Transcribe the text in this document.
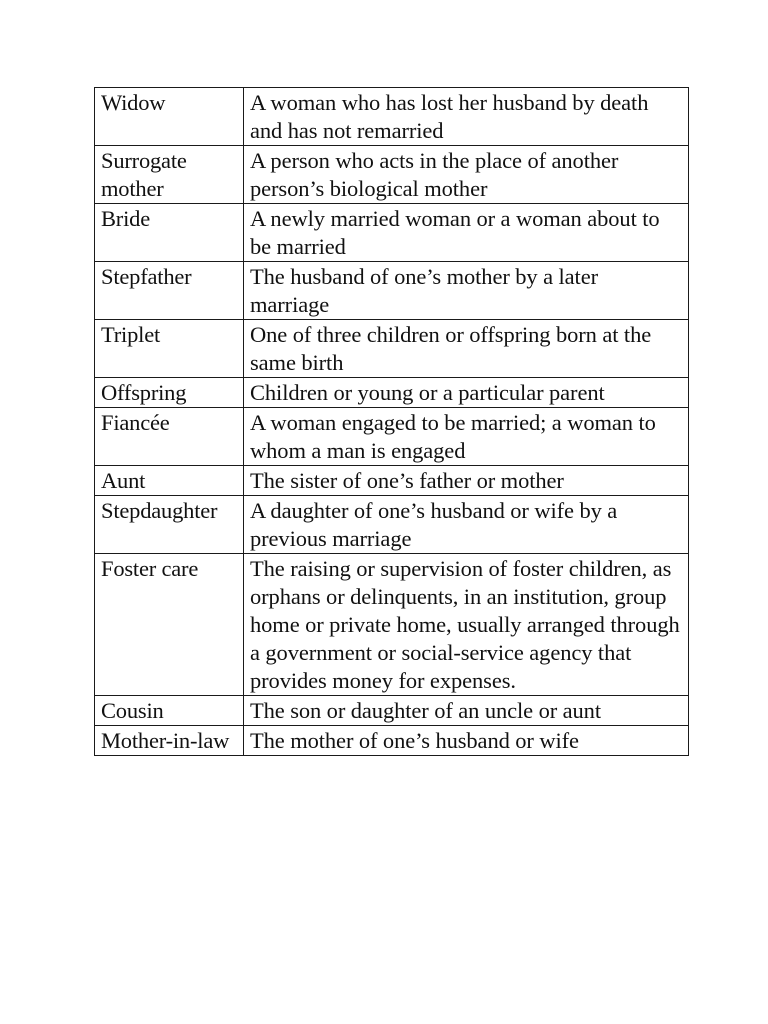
Widow	A woman who has lost her husband by death and has not remarried
Surrogate mother	A person who acts in the place of another person’s biological mother
Bride	A newly married woman or a woman about to be married
Stepfather	The husband of one’s mother by a later marriage
Triplet	One of three children or offspring born at the same birth
Offspring	Children or young or a particular parent
Fiancée	A woman engaged to be married; a woman to whom a man is engaged
Aunt	The sister of one’s father or mother
Stepdaughter	A daughter of one’s husband or wife by a previous marriage
Foster care	The raising or supervision of foster children, as orphans or delinquents, in an institution, group home or private home, usually arranged through a government or social-service agency that provides money for expenses.
Cousin	The son or daughter of an uncle or aunt
Mother-in-law	The mother of one’s husband or wife
